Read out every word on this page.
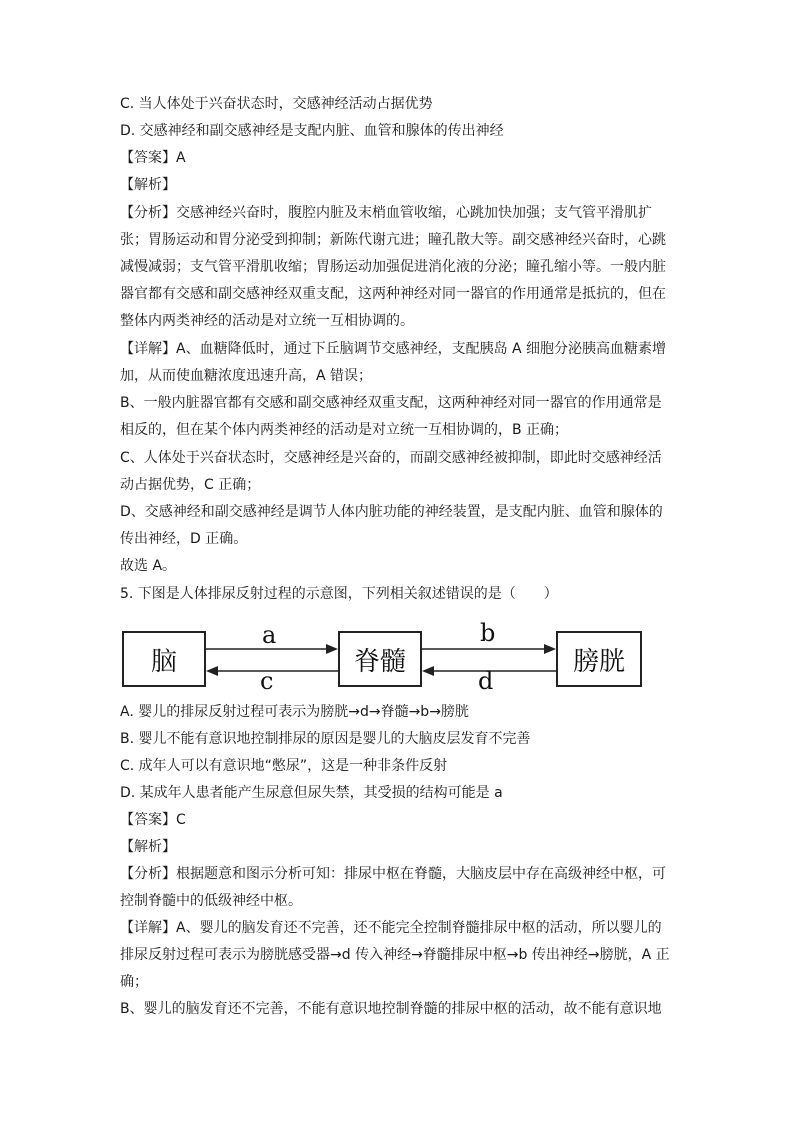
C. 当人体处于兴奋状态时，交感神经活动占据优势
D. 交感神经和副交感神经是支配内脏、血管和腺体的传出神经
【答案】A
【解析】
【分析】交感神经兴奋时，腹腔内脏及末梢血管收缩，心跳加快加强；支气管平滑肌扩
张；胃肠运动和胃分泌受到抑制；新陈代谢亢进；瞳孔散大等。副交感神经兴奋时，心跳
减慢减弱；支气管平滑肌收缩；胃肠运动加强促进消化液的分泌；瞳孔缩小等。一般内脏
器官都有交感和副交感神经双重支配，这两种神经对同一器官的作用通常是抵抗的，但在
整体内两类神经的活动是对立统一互相协调的。
【详解】A、血糖降低时，通过下丘脑调节交感神经，支配胰岛 A 细胞分泌胰高血糖素增
加，从而使血糖浓度迅速升高，A 错误；
B、一般内脏器官都有交感和副交感神经双重支配，这两种神经对同一器官的作用通常是
相反的，但在某个体内两类神经的活动是对立统一互相协调的，B 正确；
C、人体处于兴奋状态时，交感神经是兴奋的，而副交感神经被抑制，即此时交感神经活
动占据优势，C 正确；
D、交感神经和副交感神经是调节人体内脏功能的神经装置，是支配内脏、血管和腺体的
传出神经，D 正确。
故选 A。
5. 下图是人体排尿反射过程的示意图，下列相关叙述错误的是（　　）
脑	脊髓	膀胱
a
c
b
d
A. 婴儿的排尿反射过程可表示为膀胱→d→脊髓→b→膀胱
B. 婴儿不能有意识地控制排尿的原因是婴儿的大脑皮层发育不完善
C. 成年人可以有意识地“憋尿”，这是一种非条件反射
D. 某成年人患者能产生尿意但尿失禁，其受损的结构可能是 a
【答案】C
【解析】
【分析】根据题意和图示分析可知：排尿中枢在脊髓，大脑皮层中存在高级神经中枢，可
控制脊髓中的低级神经中枢。
【详解】A、婴儿的脑发育还不完善，还不能完全控制脊髓排尿中枢的活动，所以婴儿的
排尿反射过程可表示为膀胱感受器→d 传入神经→脊髓排尿中枢→b 传出神经→膀胱，A 正
确；
B、婴儿的脑发育还不完善，不能有意识地控制脊髓的排尿中枢的活动，故不能有意识地
